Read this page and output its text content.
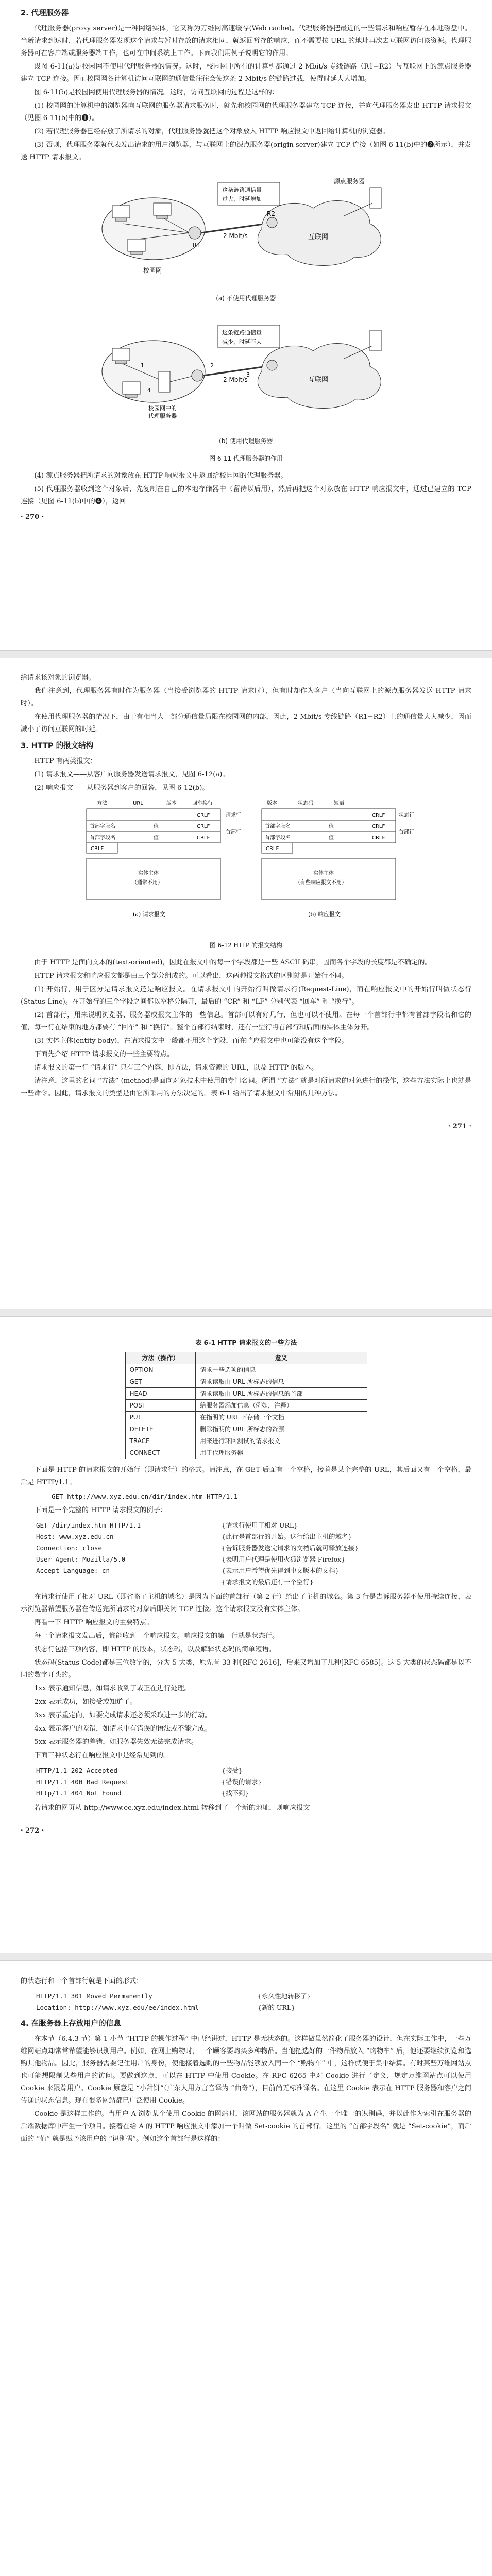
2. 代理服务器

代理服务器(proxy server)是一种网络实体，它又称为万维网高速缓存(Web cache)。代理服务器把最近的一些请求和响应暂存在本地磁盘中。当新请求到达时，若代理服务器发现这个请求与暂时存放的请求相同，就返回暂存的响应，而不需要按 URL 的地址再次去互联网访问该资源。代理服务器可在客户端或服务器端工作，也可在中间系统上工作。下面我们用例子说明它的作用。

设图 6-11(a)是校园网不使用代理服务器的情况。这时，校园网中所有的计算机都通过 2 Mbit/s 专线链路（R1−R2）与互联网上的源点服务器建立 TCP 连接。因而校园网各计算机访问互联网的通信量往往会使这条 2 Mbit/s 的链路过载，使得时延大大增加。

图 6-11(b)是校园网使用代理服务器的情况。这时，访问互联网的过程是这样的：

(1) 校园网的计算机中的浏览器向互联网的服务器请求服务时，就先和校园网的代理服务器建立 TCP 连接，并向代理服务器发出 HTTP 请求报文（见图 6-11(b)中的❶）。

(2) 若代理服务器已经存放了所请求的对象，代理服务器就把这个对象放入 HTTP 响应报文中返回给计算机的浏览器。

(3) 否则，代理服务器就代表发出请求的用户浏览器，与互联网上的源点服务器(origin server)建立 TCP 连接（如图 6-11(b)中的❷所示），并发送 HTTP 请求报文。

R1
2 Mbit/s
这条链路通信量
过大，时延增加
R2
互联网
源点服务器
校园网
(a) 不使用代理服务器
1
4
2 Mbit/s
2
3
这条链路通信量
减少，时延不大
互联网
校园网中的
代理服务器
(b) 使用代理服务器
图 6-11 代理服务器的作用

(4) 源点服务器把所请求的对象放在 HTTP 响应报文中返回给校园网的代理服务器。

(5) 代理服务器收到这个对象后，先复制在自己的本地存储器中（留待以后用），然后再把这个对象放在 HTTP 响应报文中，通过已建立的 TCP 连接（见图 6-11(b)中的❹），返回

· 270 ·

给请求该对象的浏览器。

我们注意到，代理服务器有时作为服务器（当接受浏览器的 HTTP 请求时），但有时却作为客户（当向互联网上的源点服务器发送 HTTP 请求时）。

在使用代理服务器的情况下，由于有相当大一部分通信量局限在校园网的内部，因此，2 Mbit/s 专线链路（R1−R2）上的通信量大大减少，因而减小了访问互联网的时延。

3. HTTP 的报文结构

HTTP 有两类报文：

(1) 请求报文——从客户向服务器发送请求报文，见图 6-12(a)。

(2) 响应报文——从服务器到客户的回答，见图 6-12(b)。

方法	URL	版本	回车换行
CRLF	请求行
首部字段名	值	CRLF
首部字段名	值	CRLF
首部行
CRLF
实体主体
（通常不用）
(a) 请求报文
版本	状态码	短语
CRLF	状态行
首部字段名	值	CRLF
首部字段名	值	CRLF
首部行
CRLF
实体主体
（有些响应报文不用）
(b) 响应报文
图 6-12 HTTP 的报文结构

由于 HTTP 是面向文本的(text-oriented)，因此在报文中的每一个字段都是一些 ASCII 码串，因而各个字段的长度都是不确定的。

HTTP 请求报文和响应报文都是由三个部分组成的。可以看出，这两种报文格式的区别就是开始行不同。

(1) 开始行，用于区分是请求报文还是响应报文。在请求报文中的开始行叫做请求行(Request-Line)，而在响应报文中的开始行叫做状态行(Status-Line)。在开始行的三个字段之间都以空格分隔开，最后的 “CR” 和 “LF” 分别代表 “回车” 和 “换行”。

(2) 首部行，用来说明浏览器、服务器或报文主体的一些信息。首部可以有好几行，但也可以不使用。在每一个首部行中都有首部字段名和它的值，每一行在结束的地方都要有 “回车” 和 “换行”。整个首部行结束时，还有一空行将首部行和后面的实体主体分开。

(3) 实体主体(entity body)，在请求报文中一般都不用这个字段，而在响应报文中也可能没有这个字段。

下面先介绍 HTTP 请求报文的一些主要特点。

请求报文的第一行 “请求行” 只有三个内容，即方法，请求资源的 URL，以及 HTTP 的版本。

请注意，这里的名词 “方法” (method)是面向对象技术中使用的专门名词。所谓 “方法” 就是对所请求的对象进行的操作，这些方法实际上也就是一些命令。因此，请求报文的类型是由它所采用的方法决定的。表 6-1 给出了请求报文中常用的几种方法。

· 271 ·
表 6-1 HTTP 请求报文的一些方法
方法（操作）	意义
OPTION	请求一些选项的信息
GET	请求读取由 URL 所标志的信息
HEAD	请求读取由 URL 所标志的信息的首部
POST	给服务器添加信息（例如，注释）
PUT	在指明的 URL 下存储一个文档
DELETE	删除指明的 URL 所标志的资源
TRACE	用来进行环回测试的请求报文
CONNECT	用于代理服务器

下面是 HTTP 的请求报文的开始行（即请求行）的格式。请注意，在 GET 后面有一个空格，接着是某个完整的 URL，其后面又有一个空格，最后是 HTTP/1.1。

GET http://www.xyz.edu.cn/dir/index.htm HTTP/1.1

下面是一个完整的 HTTP 请求报文的例子：

GET /dir/index.htm HTTP/1.1	{请求行使用了相对 URL}
Host: www.xyz.edu.cn	{此行是首部行的开始。这行给出主机的域名}
Connection: close	{告诉服务器发送完请求的文档后就可释放连接}
User-Agent: Mozilla/5.0	{表明用户代理是使用火狐浏览器 Firefox}
Accept-Language: cn	{表示用户希望优先得到中文版本的文档}
{请求报文的最后还有一个空行}

在请求行使用了相对 URL（即省略了主机的域名）是因为下面的首部行（第 2 行）给出了主机的域名。第 3 行是告诉服务器不使用持续连接，表示浏览器希望服务器在传送完所请求的对象后即关闭 TCP 连接。这个请求报文没有实体主体。

再看一下 HTTP 响应报文的主要特点。

每一个请求报文发出后，都能收到一个响应报文。响应报文的第一行就是状态行。

状态行包括三项内容，即 HTTP 的版本，状态码，以及解释状态码的简单短语。

状态码(Status-Code)都是三位数字的，分为 5 大类，原先有 33 种[RFC 2616]，后来又增加了几种[RFC 6585]。这 5 大类的状态码都是以不同的数字开头的。

1xx 表示通知信息，如请求收到了或正在进行处理。

2xx 表示成功，如接受或知道了。

3xx 表示重定向，如要完成请求还必须采取进一步的行动。

4xx 表示客户的差错，如请求中有错误的语法或不能完成。

5xx 表示服务器的差错，如服务器失效无法完成请求。

下面三种状态行在响应报文中是经常见到的。

HTTP/1.1 202 Accepted	{接受}
HTTP/1.1 400 Bad Request	{错误的请求}
Http/1.1 404 Not Found	{找不到}

若请求的网页从 http://www.ee.xyz.edu/index.html 转移到了一个新的地址，则响应报文

· 272 ·

的状态行和一个首部行就是下面的形式：

HTTP/1.1 301 Moved Permanently	{永久性地转移了}
Location: http://www.xyz.edu/ee/index.html	{新的 URL}
4. 在服务器上存放用户的信息

在本节（6.4.3 节）第 1 小节 “HTTP 的操作过程” 中已经讲过，HTTP 是无状态的。这样做虽然简化了服务器的设计，但在实际工作中，一些万维网站点却常常希望能够识别用户。例如，在网上购物时，一个顾客要购买多种物品。当他把选好的一件物品放入 “购物车” 后，他还要继续浏览和选购其他物品。因此，服务器需要记住用户的身份，使他接着选购的一些物品能够放入同一个 “购物车” 中，这样就便于集中结算。有时某些万维网站点也可能想限制某些用户的访问。要做到这点，可以在 HTTP 中使用 Cookie。在 RFC 6265 中对 Cookie 进行了定义，规定万维网站点可以使用 Cookie 来跟踪用户。Cookie 原意是 “小甜饼”（广东人用方言音译为 “曲奇”），目前尚无标准译名。在这里 Cookie 表示在 HTTP 服务器和客户之间传递的状态信息。现在很多网站都已广泛使用 Cookie。

Cookie 是这样工作的。当用户 A 浏览某个使用 Cookie 的网站时，该网站的服务器就为 A 产生一个唯一的识别码，并以此作为索引在服务器的后端数据库中产生一个项目。接着在给 A 的 HTTP 响应报文中添加一个叫做 Set-cookie 的首部行。这里的 “首部字段名” 就是 “Set-cookie”，而后面的 “值” 就是赋予该用户的 “识别码”。例如这个首部行是这样的：
